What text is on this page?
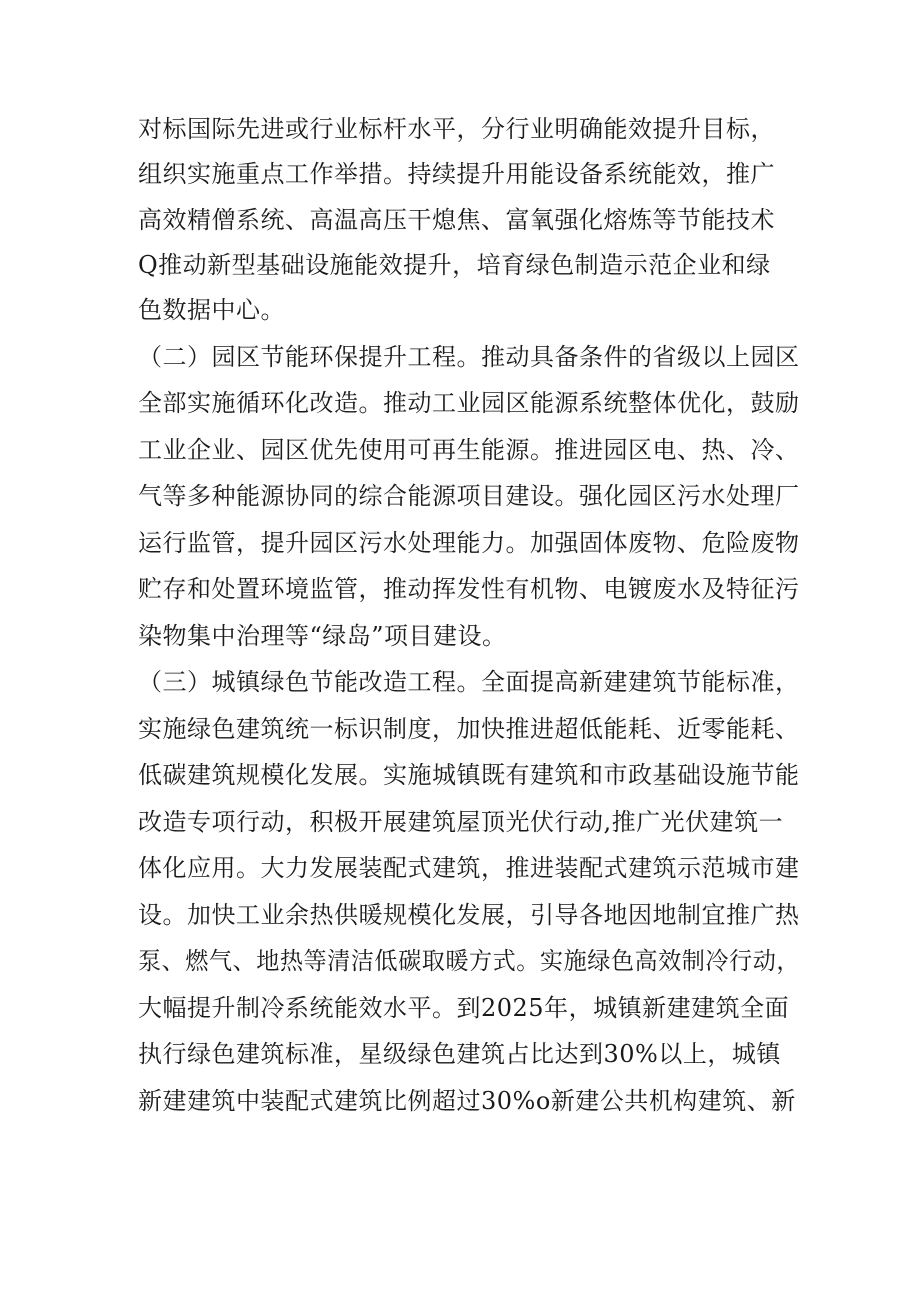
对标国际先进或行业标杆水平，分行业明确能效提升目标，
组织实施重点工作举措。持续提升用能设备系统能效，推广
高效精僧系统、高温高压干熄焦、富氧强化熔炼等节能技术
Q推动新型基础设施能效提升，培育绿色制造示范企业和绿
色数据中心。
（二）园区节能环保提升工程。推动具备条件的省级以上园区
全部实施循环化改造。推动工业园区能源系统整体优化，鼓励
工业企业、园区优先使用可再生能源。推进园区电、热、冷、
气等多种能源协同的综合能源项目建设。强化园区污水处理厂
运行监管，提升园区污水处理能力。加强固体废物、危险废物
贮存和处置环境监管，推动挥发性有机物、电镀废水及特征污
染物集中治理等“绿岛”项目建设。
（三）城镇绿色节能改造工程。全面提高新建建筑节能标准，
实施绿色建筑统一标识制度，加快推进超低能耗、近零能耗、
低碳建筑规模化发展。实施城镇既有建筑和市政基础设施节能
改造专项行动，积极开展建筑屋顶光伏行动,推广光伏建筑一
体化应用。大力发展装配式建筑，推进装配式建筑示范城市建
设。加快工业余热供暖规模化发展，引导各地因地制宜推广热
泵、燃气、地热等清洁低碳取暖方式。实施绿色高效制冷行动，
大幅提升制冷系统能效水平。到2025年，城镇新建建筑全面
执行绿色建筑标准，星级绿色建筑占比达到30%以上，城镇
新建建筑中装配式建筑比例超过30%o新建公共机构建筑、新
